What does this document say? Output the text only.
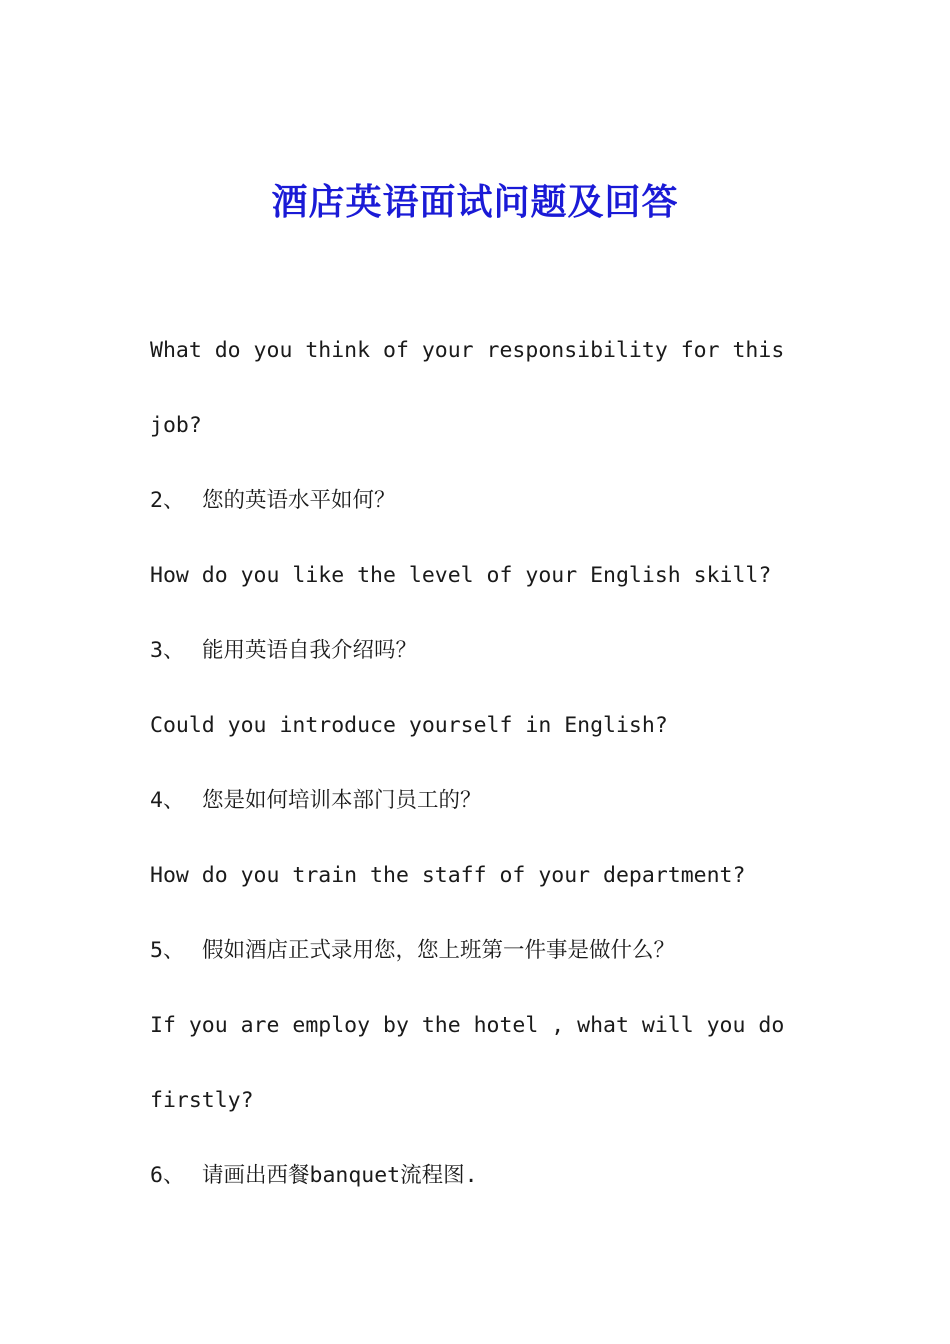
酒店英语面试问题及回答
What do you think of your responsibility for this
job?
2、 您的英语水平如何？
How do you like the level of your English skill?
3、 能用英语自我介绍吗？
Could you introduce yourself in English?
4、 您是如何培训本部门员工的？
How do you train the staff of your department?
5、 假如酒店正式录用您，您上班第一件事是做什么？
If you are employ by the hotel , what will you do
firstly?
6、 请画出西餐banquet流程图.
